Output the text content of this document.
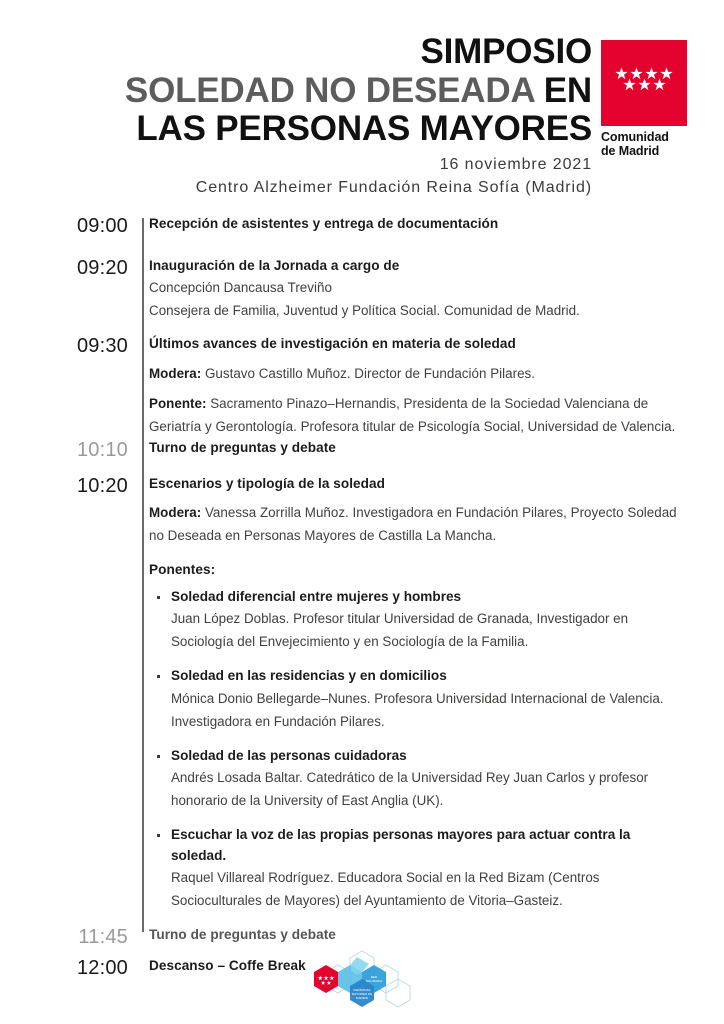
SIMPOSIO
SOLEDAD NO DESEADA EN
LAS PERSONAS MAYORES
16 noviembre 2021
Centro Alzheimer Fundación Reina Sofía (Madrid)
Comunidad
de Madrid
09:00 Recepción de asistentes y entrega de documentación
09:20 Inauguración de la Jornada a cargo de
Concepción Dancausa Treviño
Consejera de Familia, Juventud y Política Social. Comunidad de Madrid.
09:30 Últimos avances de investigación en materia de soledad
Modera: Gustavo Castillo Muñoz. Director de Fundación Pilares.
Ponente: Sacramento Pinazo–Hernandis, Presidenta de la Sociedad Valenciana de Geriatría y Gerontología. Profesora titular de Psicología Social, Universidad de Valencia.
10:10 Turno de preguntas y debate
10:20 Escenarios y tipología de la soledad
Modera: Vanessa Zorrilla Muñoz. Investigadora en Fundación Pilares, Proyecto Soledad no Deseada en Personas Mayores de Castilla La Mancha.
Ponentes:
Soledad diferencial entre mujeres y hombres
Juan López Doblas. Profesor titular Universidad de Granada, Investigador en Sociología del Envejecimiento y en Sociología de la Familia.
Soledad en las residencias y en domicilios
Mónica Donio Bellegarde–Nunes. Profesora Universidad Internacional de Valencia. Investigadora en Fundación Pilares.
Soledad de las personas cuidadoras
Andrés Losada Baltar. Catedrático de la Universidad Rey Juan Carlos y profesor honorario de la University of East Anglia (UK).
Escuchar la voz de las propias personas mayores para actuar contra la soledad.
Raquel Villareal Rodríguez. Educadora Social en la Red Bizam (Centros Socioculturales de Mayores) del Ayuntamiento de Vitoria–Gasteiz.
11:45 Turno de preguntas y debate
12:00 Descanso – Coffe Break
RED
SOLIDARIA
PERSONAS
MAYORES DE
MADRID
